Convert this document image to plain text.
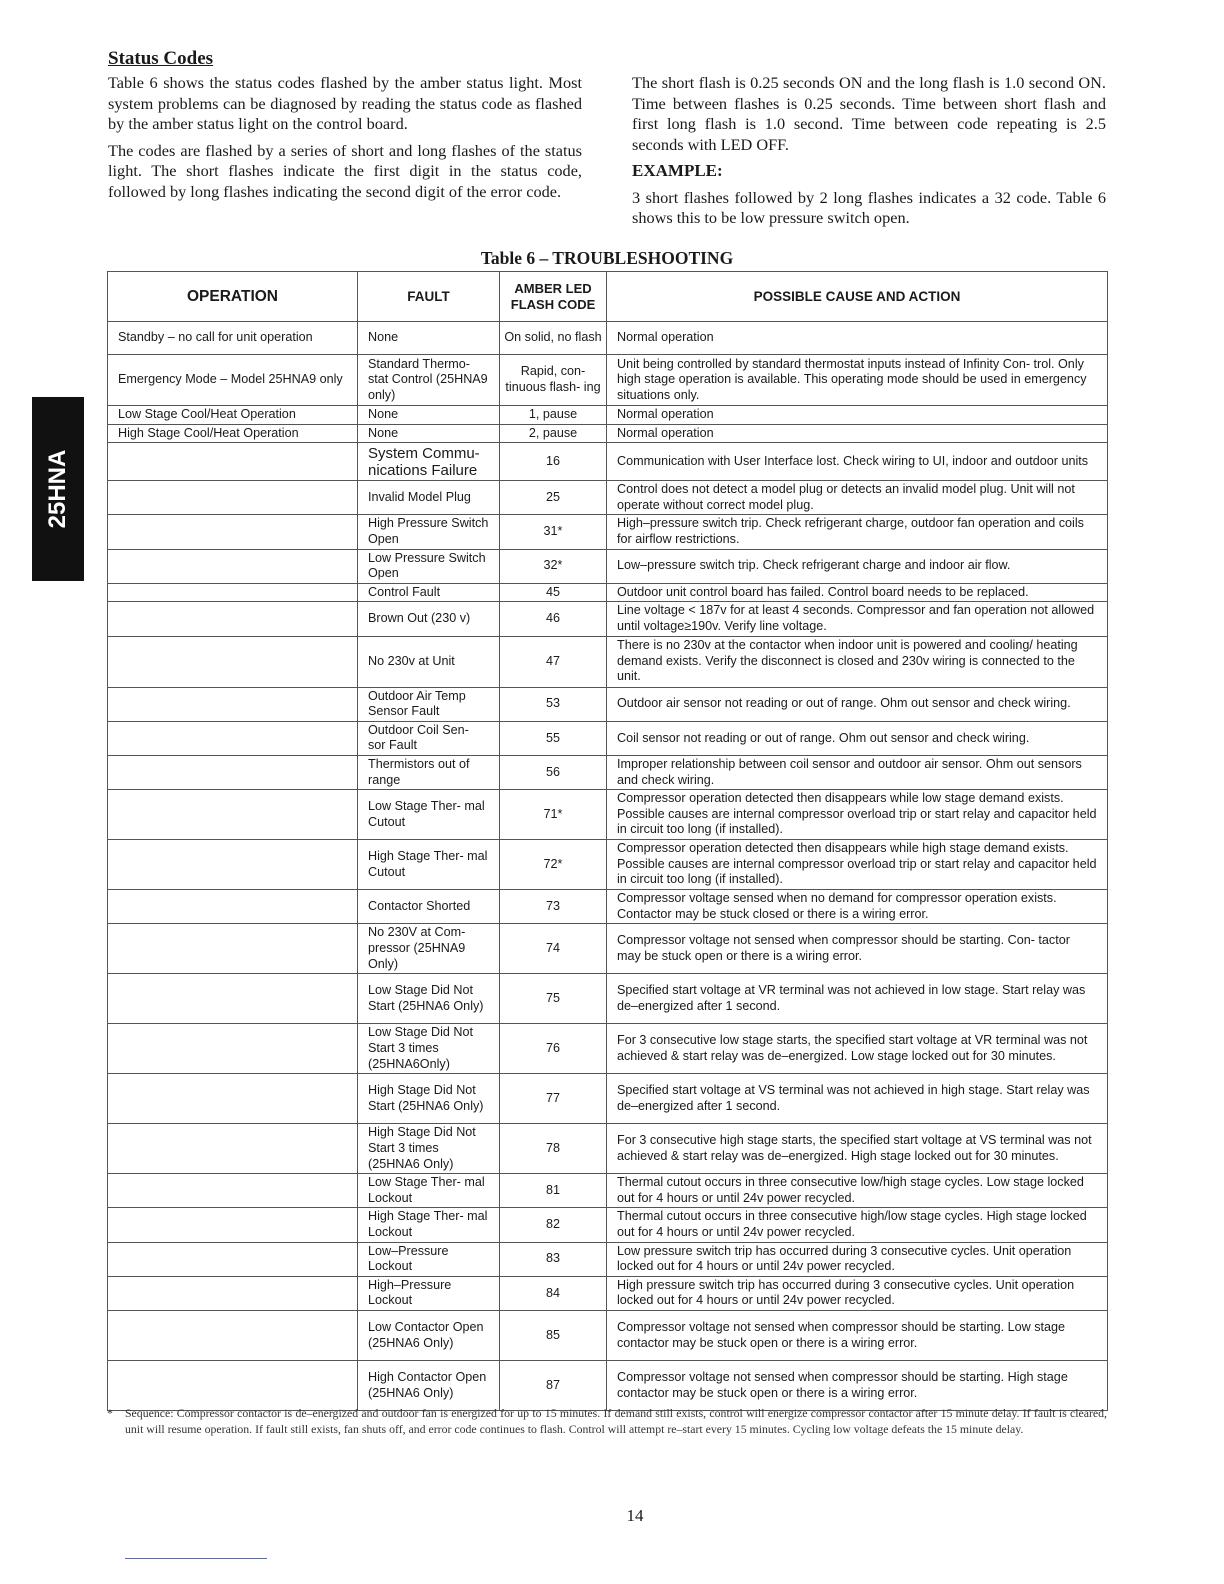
Status Codes

Table 6 shows the status codes flashed by the amber status light. Most system problems can be diagnosed by reading the status code as flashed by the amber status light on the control board.

The codes are flashed by a series of short and long flashes of the status light. The short flashes indicate the first digit in the status code, followed by long flashes indicating the second digit of the error code.

The short flash is 0.25 seconds ON and the long flash is 1.0 second ON. Time between flashes is 0.25 seconds. Time between short flash and first long flash is 1.0 second. Time between code repeating is 2.5 seconds with LED OFF.

EXAMPLE:

3 short flashes followed by 2 long flashes indicates a 32 code. Table 6 shows this to be low pressure switch open.

25HNA
Table 6 – TROUBLESHOOTING
OPERATION	FAULT	AMBER LED FLASH CODE	POSSIBLE CAUSE AND ACTION
Standby – no call for unit operation	None	On solid, no flash	Normal operation
Emergency Mode – Model 25HNA9 only	Standard Thermo- stat Control (25HNA9 only)	Rapid, con- tinuous flash- ing	Unit being controlled by standard thermostat inputs instead of Infinity Con- trol. Only high stage operation is available. This operating mode should be used in emergency situations only.
Low Stage Cool/Heat Operation	None	1, pause	Normal operation
High Stage Cool/Heat Operation	None	2, pause	Normal operation
	System Commu- nications Failure	16	Communication with User Interface lost. Check wiring to UI, indoor and outdoor units
	Invalid Model Plug	25	Control does not detect a model plug or detects an invalid model plug. Unit will not operate without correct model plug.
	High Pressure Switch Open	31*	High–pressure switch trip. Check refrigerant charge, outdoor fan operation and coils for airflow restrictions.
	Low Pressure Switch Open	32*	Low–pressure switch trip. Check refrigerant charge and indoor air flow.
	Control Fault	45	Outdoor unit control board has failed. Control board needs to be replaced.
	Brown Out (230 v)	46	Line voltage < 187v for at least 4 seconds. Compressor and fan operation not allowed until voltage≥190v. Verify line voltage.
	No 230v at Unit	47	There is no 230v at the contactor when indoor unit is powered and cooling/ heating demand exists. Verify the disconnect is closed and 230v wiring is connected to the unit.
	Outdoor Air Temp Sensor Fault	53	Outdoor air sensor not reading or out of range. Ohm out sensor and check wiring.
	Outdoor Coil Sen- sor Fault	55	Coil sensor not reading or out of range. Ohm out sensor and check wiring.
	Thermistors out of range	56	Improper relationship between coil sensor and outdoor air sensor. Ohm out sensors and check wiring.
	Low Stage Ther- mal Cutout	71*	Compressor operation detected then disappears while low stage demand exists. Possible causes are internal compressor overload trip or start relay and capacitor held in circuit too long (if installed).
	High Stage Ther- mal Cutout	72*	Compressor operation detected then disappears while high stage demand exists. Possible causes are internal compressor overload trip or start relay and capacitor held in circuit too long (if installed).
	Contactor Shorted	73	Compressor voltage sensed when no demand for compressor operation exists. Contactor may be stuck closed or there is a wiring error.
	No 230V at Com- pressor (25HNA9 Only)	74	Compressor voltage not sensed when compressor should be starting. Con- tactor may be stuck open or there is a wiring error.
	Low Stage Did Not Start (25HNA6 Only)	75	Specified start voltage at VR terminal was not achieved in low stage. Start relay was de–energized after 1 second.
	Low Stage Did Not Start 3 times (25HNA6Only)	76	For 3 consecutive low stage starts, the specified start voltage at VR terminal was not achieved & start relay was de–energized. Low stage locked out for 30 minutes.
	High Stage Did Not Start (25HNA6 Only)	77	Specified start voltage at VS terminal was not achieved in high stage. Start relay was de–energized after 1 second.
	High Stage Did Not Start 3 times (25HNA6 Only)	78	For 3 consecutive high stage starts, the specified start voltage at VS terminal was not achieved & start relay was de–energized. High stage locked out for 30 minutes.
	Low Stage Ther- mal Lockout	81	Thermal cutout occurs in three consecutive low/high stage cycles. Low stage locked out for 4 hours or until 24v power recycled.
	High Stage Ther- mal Lockout	82	Thermal cutout occurs in three consecutive high/low stage cycles. High stage locked out for 4 hours or until 24v power recycled.
	Low–Pressure Lockout	83	Low pressure switch trip has occurred during 3 consecutive cycles. Unit operation locked out for 4 hours or until 24v power recycled.
	High–Pressure Lockout	84	High pressure switch trip has occurred during 3 consecutive cycles. Unit operation locked out for 4 hours or until 24v power recycled.
	Low Contactor Open (25HNA6 Only)	85	Compressor voltage not sensed when compressor should be starting. Low stage contactor may be stuck open or there is a wiring error.
	High Contactor Open (25HNA6 Only)	87	Compressor voltage not sensed when compressor should be starting. High stage contactor may be stuck open or there is a wiring error.
* Sequence: Compressor contactor is de–energized and outdoor fan is energized for up to 15 minutes. If demand still exists, control will energize compressor contactor after 15 minute delay. If fault is cleared, unit will resume operation. If fault still exists, fan shuts off, and error code continues to flash. Control will attempt re–start every 15 minutes. Cycling low voltage defeats the 15 minute delay.
14
